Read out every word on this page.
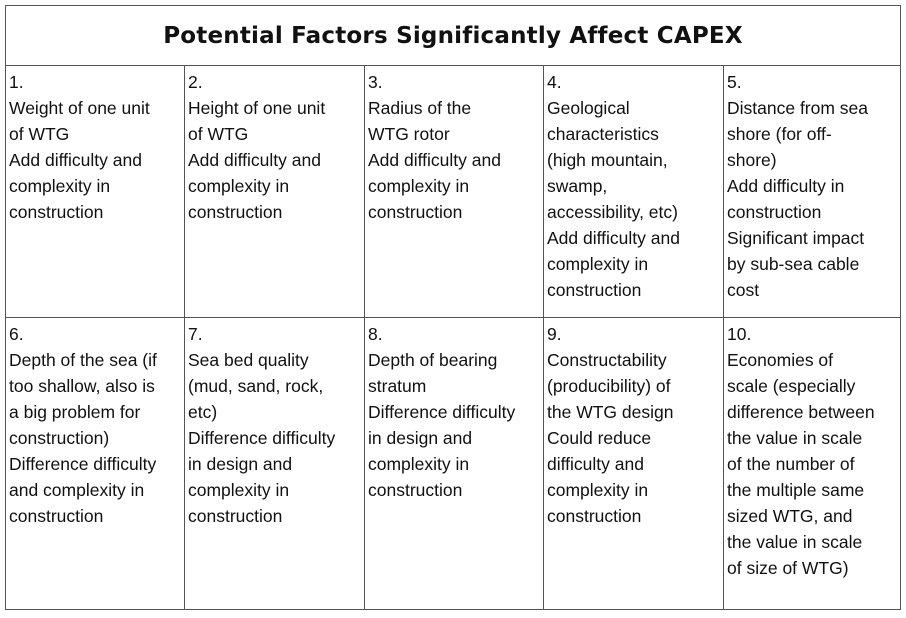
Potential Factors Significantly Affect CAPEX
1.
Weight of one unit
of WTG
Add difficulty and
complexity in
construction
2.
Height of one unit
of WTG
Add difficulty and
complexity in
construction
3.
Radius of the
WTG rotor
Add difficulty and
complexity in
construction
4.
Geological
characteristics
(high mountain,
swamp,
accessibility, etc)
Add difficulty and
complexity in
construction
5.
Distance from sea
shore (for off-
shore)
Add difficulty in
construction
Significant impact
by sub-sea cable
cost
6.
Depth of the sea (if
too shallow, also is
a big problem for
construction)
Difference difficulty
and complexity in
construction
7.
Sea bed quality
(mud, sand, rock,
etc)
Difference difficulty
in design and
complexity in
construction
8.
Depth of bearing
stratum
Difference difficulty
in design and
complexity in
construction
9.
Constructability
(producibility) of
the WTG design
Could reduce
difficulty and
complexity in
construction
10.
Economies of
scale (especially
difference between
the value in scale
of the number of
the multiple same
sized WTG, and
the value in scale
of size of WTG)
